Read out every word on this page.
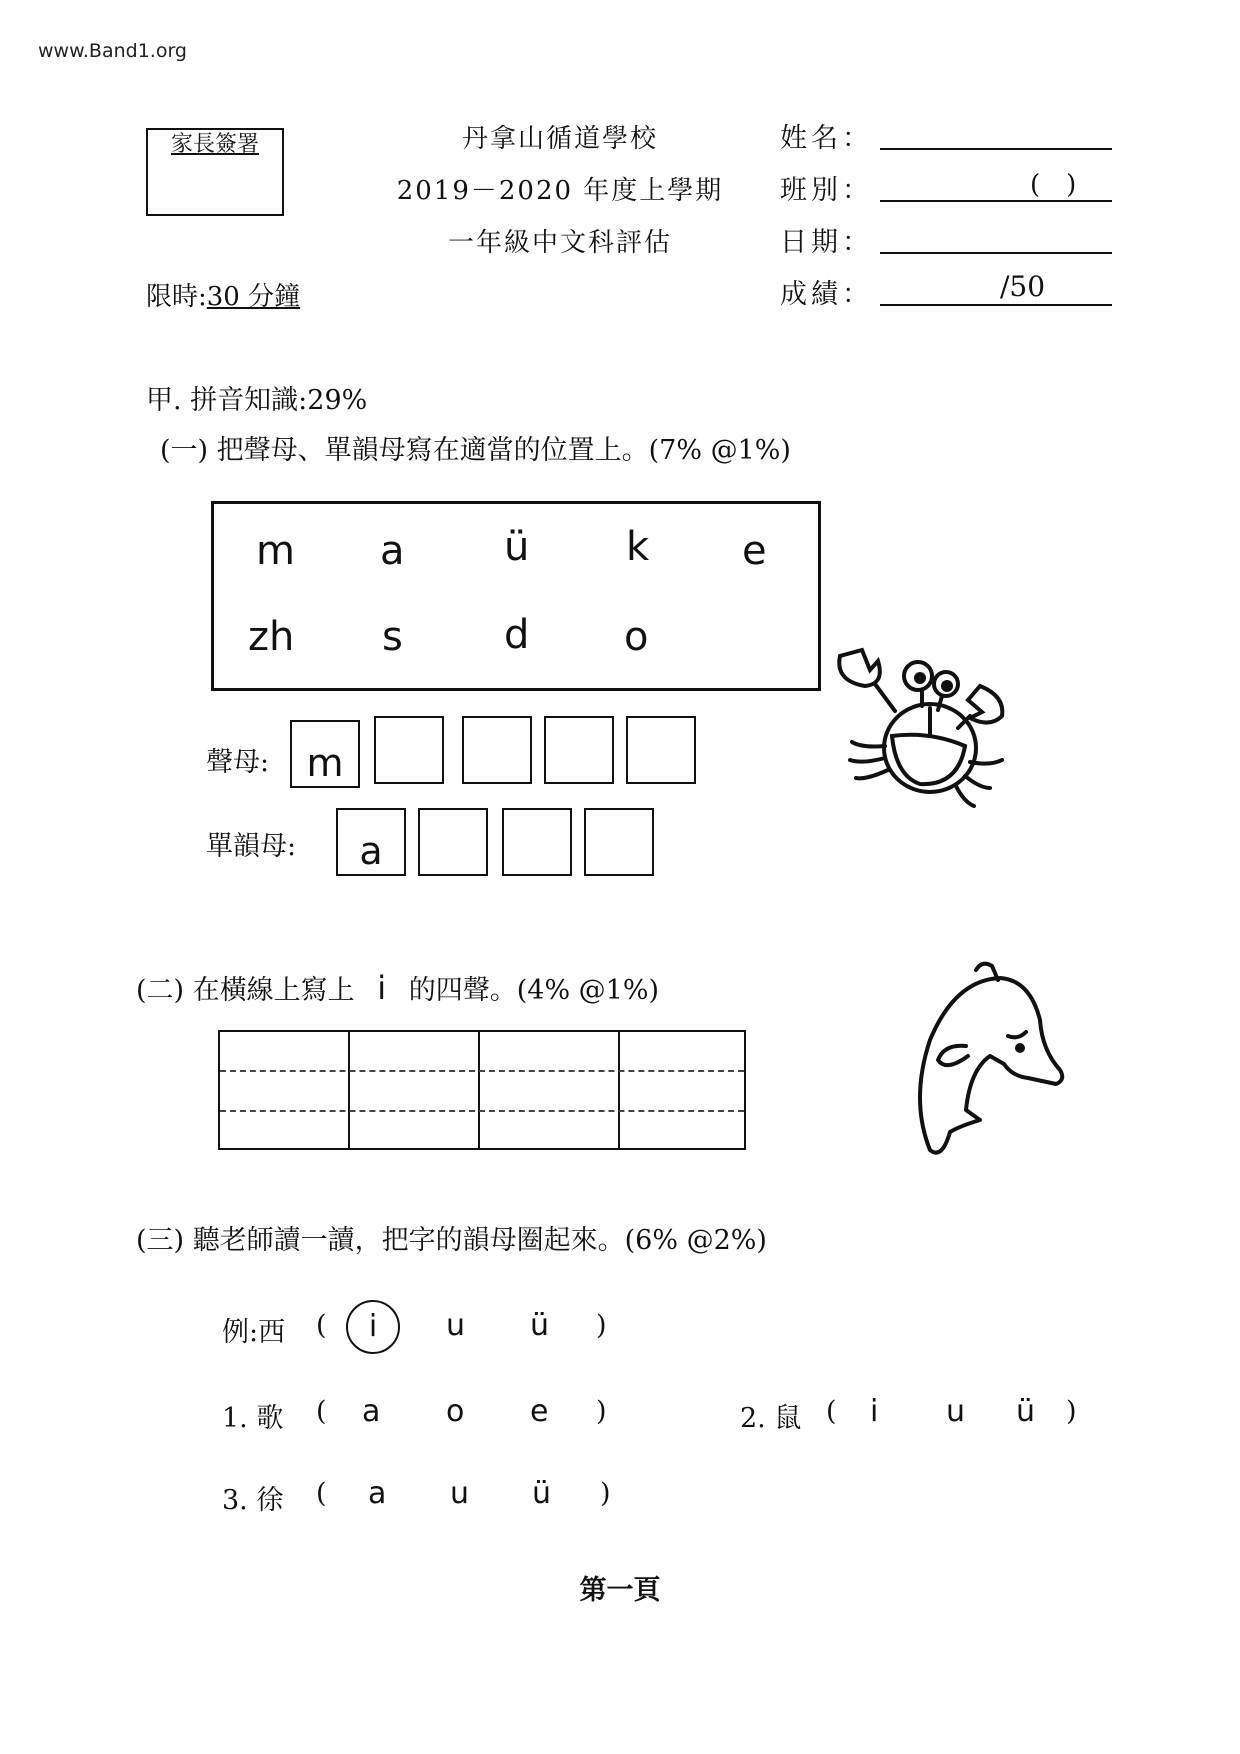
www.Band1.org
家長簽署	丹拿山循道學校
2019－2020 年度上學期
一年級中文科評估
姓名：
班別：	(　)
日期：
成績：	/50
限時:30 分鐘
甲. 拼音知識:29%
(一) 把聲母、單韻母寫在適當的位置上。(7% @1%)
m a ü k e
zh s	d o
聲母: m
單韻母:	a
(二) 在橫線上寫上 i 的四聲。(4% @1%)
(三) 聽老師讀一讀，把字的韻母圈起來。(6% @2%)
例:西 (	i	u ü )
1. 歌 ( a o e )	2. 鼠 ( i u ü )
3. 徐 ( a u ü )
第一頁
